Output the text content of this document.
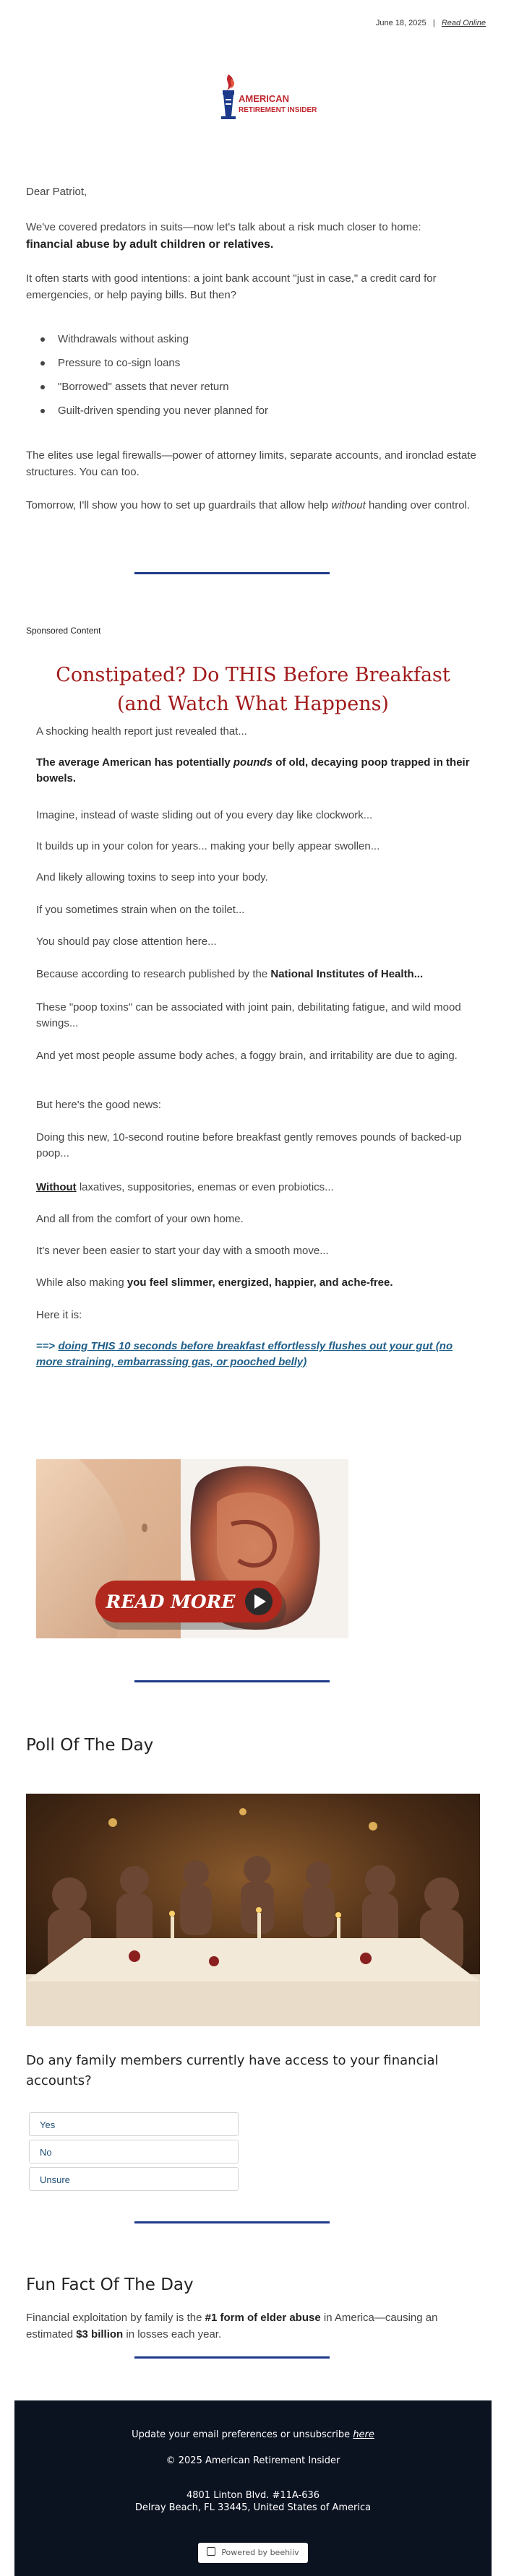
June 18, 2025 | Read Online
AMERICAN
RETIREMENT INSIDER

Dear Patriot,

We've covered predators in suits—now let's talk about a risk much closer to home:
financial abuse by adult children or relatives.

It often starts with good intentions: a joint bank account "just in case," a credit card for emergencies, or help paying bills. But then?

Withdrawals without asking
Pressure to co-sign loans
"Borrowed" assets that never return
Guilt-driven spending you never planned for

The elites use legal firewalls—power of attorney limits, separate accounts, and ironclad estate structures. You can too.

Tomorrow, I'll show you how to set up guardrails that allow help without handing over control.

Sponsored Content
Constipated? Do THIS Before Breakfast
(and Watch What Happens)

A shocking health report just revealed that...

The average American has potentially pounds of old, decaying poop trapped in their bowels.

Imagine, instead of waste sliding out of you every day like clockwork...

It builds up in your colon for years... making your belly appear swollen...

And likely allowing toxins to seep into your body.

If you sometimes strain when on the toilet...

You should pay close attention here...

Because according to research published by the National Institutes of Health...

These "poop toxins" can be associated with joint pain, debilitating fatigue, and wild mood swings...

And yet most people assume body aches, a foggy brain, and irritability are due to aging.

But here's the good news:

Doing this new, 10-second routine before breakfast gently removes pounds of backed-up poop...

Without laxatives, suppositories, enemas or even probiotics...

And all from the comfort of your own home.

It's never been easier to start your day with a smooth move...

While also making you feel slimmer, energized, happier, and ache-free.

Here it is:

==> doing THIS 10 seconds before breakfast effortlessly flushes out your gut (no more straining, embarrassing gas, or pooched belly)

READ MORE
Poll Of The Day
Do any family members currently have access to your financial accounts?
Yes
No
Unsure
Fun Fact Of The Day

Financial exploitation by family is the #1 form of elder abuse in America—causing an estimated $3 billion in losses each year.

Update your email preferences or unsubscribe here
© 2025 American Retirement Insider
4801 Linton Blvd. #11A-636
Delray Beach, FL 33445, United States of America
Powered by beehiiv
